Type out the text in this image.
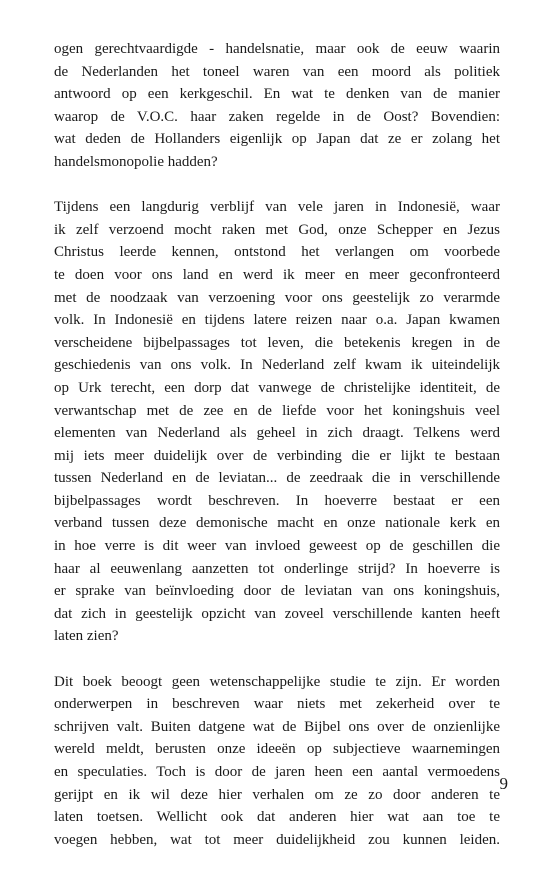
ogen gerechtvaardigde - handelsnatie, maar ook de eeuw waarin
de Nederlanden het toneel waren van een moord als politiek
antwoord op een kerkgeschil. En wat te denken van de manier
waarop de V.O.C. haar zaken regelde in de Oost? Bovendien:
wat deden de Hollanders eigenlijk op Japan dat ze er zolang het
handelsmonopolie hadden?
Tijdens een langdurig verblijf van vele jaren in Indonesië, waar
ik zelf verzoend mocht raken met God, onze Schepper en Jezus
Christus leerde kennen, ontstond het verlangen om voorbede
te doen voor ons land en werd ik meer en meer geconfronteerd
met de noodzaak van verzoening voor ons geestelijk zo verarmde
volk. In Indonesië en tijdens latere reizen naar o.a. Japan kwamen
verscheidene bijbelpassages tot leven, die betekenis kregen in de
geschiedenis van ons volk. In Nederland zelf kwam ik uiteindelijk
op Urk terecht, een dorp dat vanwege de christelijke identiteit, de
verwantschap met de zee en de liefde voor het koningshuis veel
elementen van Nederland als geheel in zich draagt. Telkens werd
mij iets meer duidelijk over de verbinding die er lijkt te bestaan
tussen Nederland en de leviatan... de zeedraak die in verschillende
bijbelpassages wordt beschreven. In hoeverre bestaat er een
verband tussen deze demonische macht en onze nationale kerk en
in hoe verre is dit weer van invloed geweest op de geschillen die
haar al eeuwenlang aanzetten tot onderlinge strijd? In hoeverre is
er sprake van beïnvloeding door de leviatan van ons koningshuis,
dat zich in geestelijk opzicht van zoveel verschillende kanten heeft
laten zien?
Dit boek beoogt geen wetenschappelijke studie te zijn. Er worden
onderwerpen in beschreven waar niets met zekerheid over te
schrijven valt. Buiten datgene wat de Bijbel ons over de onzienlijke
wereld meldt, berusten onze ideeën op subjectieve waarnemingen
en speculaties. Toch is door de jaren heen een aantal vermoedens
gerijpt en ik wil deze hier verhalen om ze zo door anderen te
laten toetsen. Wellicht ook dat anderen hier wat aan toe te
voegen hebben, wat tot meer duidelijkheid zou kunnen leiden.
9
